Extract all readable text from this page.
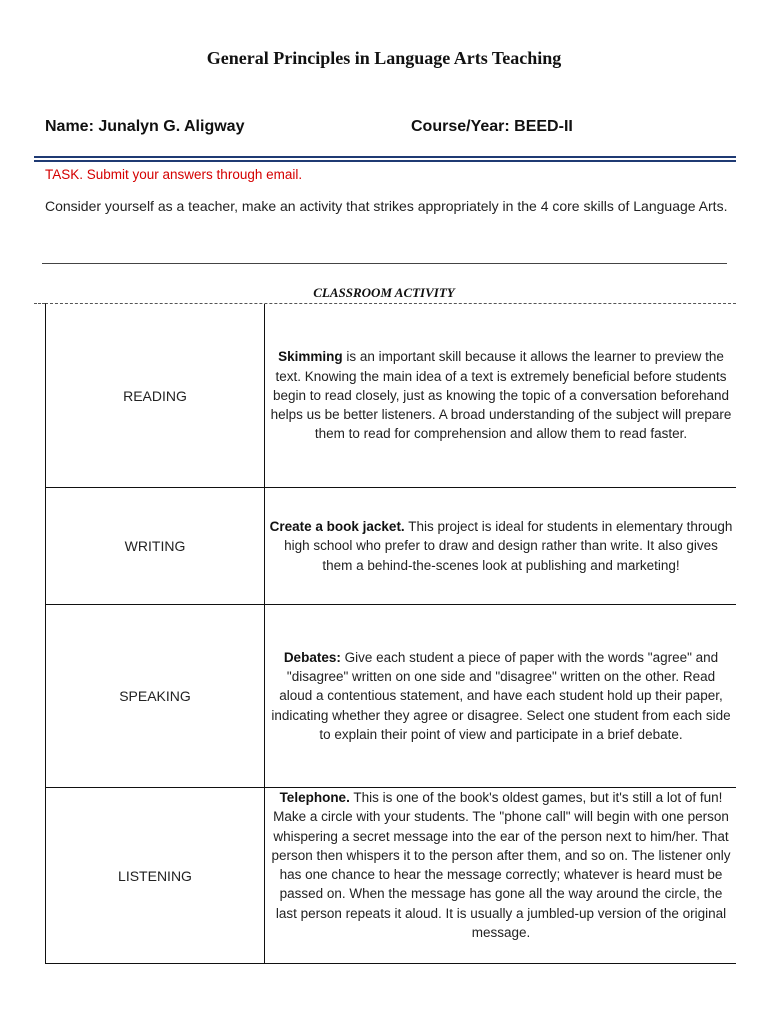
General Principles in Language Arts Teaching
Name: Junalyn G. Aligway	Course/Year: BEED-II
TASK. Submit your answers through email.
Consider yourself as a teacher, make an activity that strikes appropriately in the 4 core skills of Language Arts.
CLASSROOM ACTIVITY
READING

Skimming is an important skill because it allows the learner to preview the text. Knowing the main idea of a text is extremely beneficial before students begin to read closely, just as knowing the topic of a conversation beforehand helps us be better listeners. A broad understanding of the subject will prepare them to read for comprehension and allow them to read faster.

WRITING

Create a book jacket. This project is ideal for students in elementary through high school who prefer to draw and design rather than write. It also gives them a behind-the-scenes look at publishing and marketing!

SPEAKING

Debates: Give each student a piece of paper with the words "agree" and "disagree" written on one side and "disagree" written on the other. Read aloud a contentious statement, and have each student hold up their paper, indicating whether they agree or disagree. Select one student from each side to explain their point of view and participate in a brief debate.

LISTENING

Telephone. This is one of the book's oldest games, but it's still a lot of fun! Make a circle with your students. The "phone call" will begin with one person whispering a secret message into the ear of the person next to him/her. That person then whispers it to the person after them, and so on. The listener only has one chance to hear the message correctly; whatever is heard must be passed on. When the message has gone all the way around the circle, the last person repeats it aloud. It is usually a jumbled-up version of the original message.
